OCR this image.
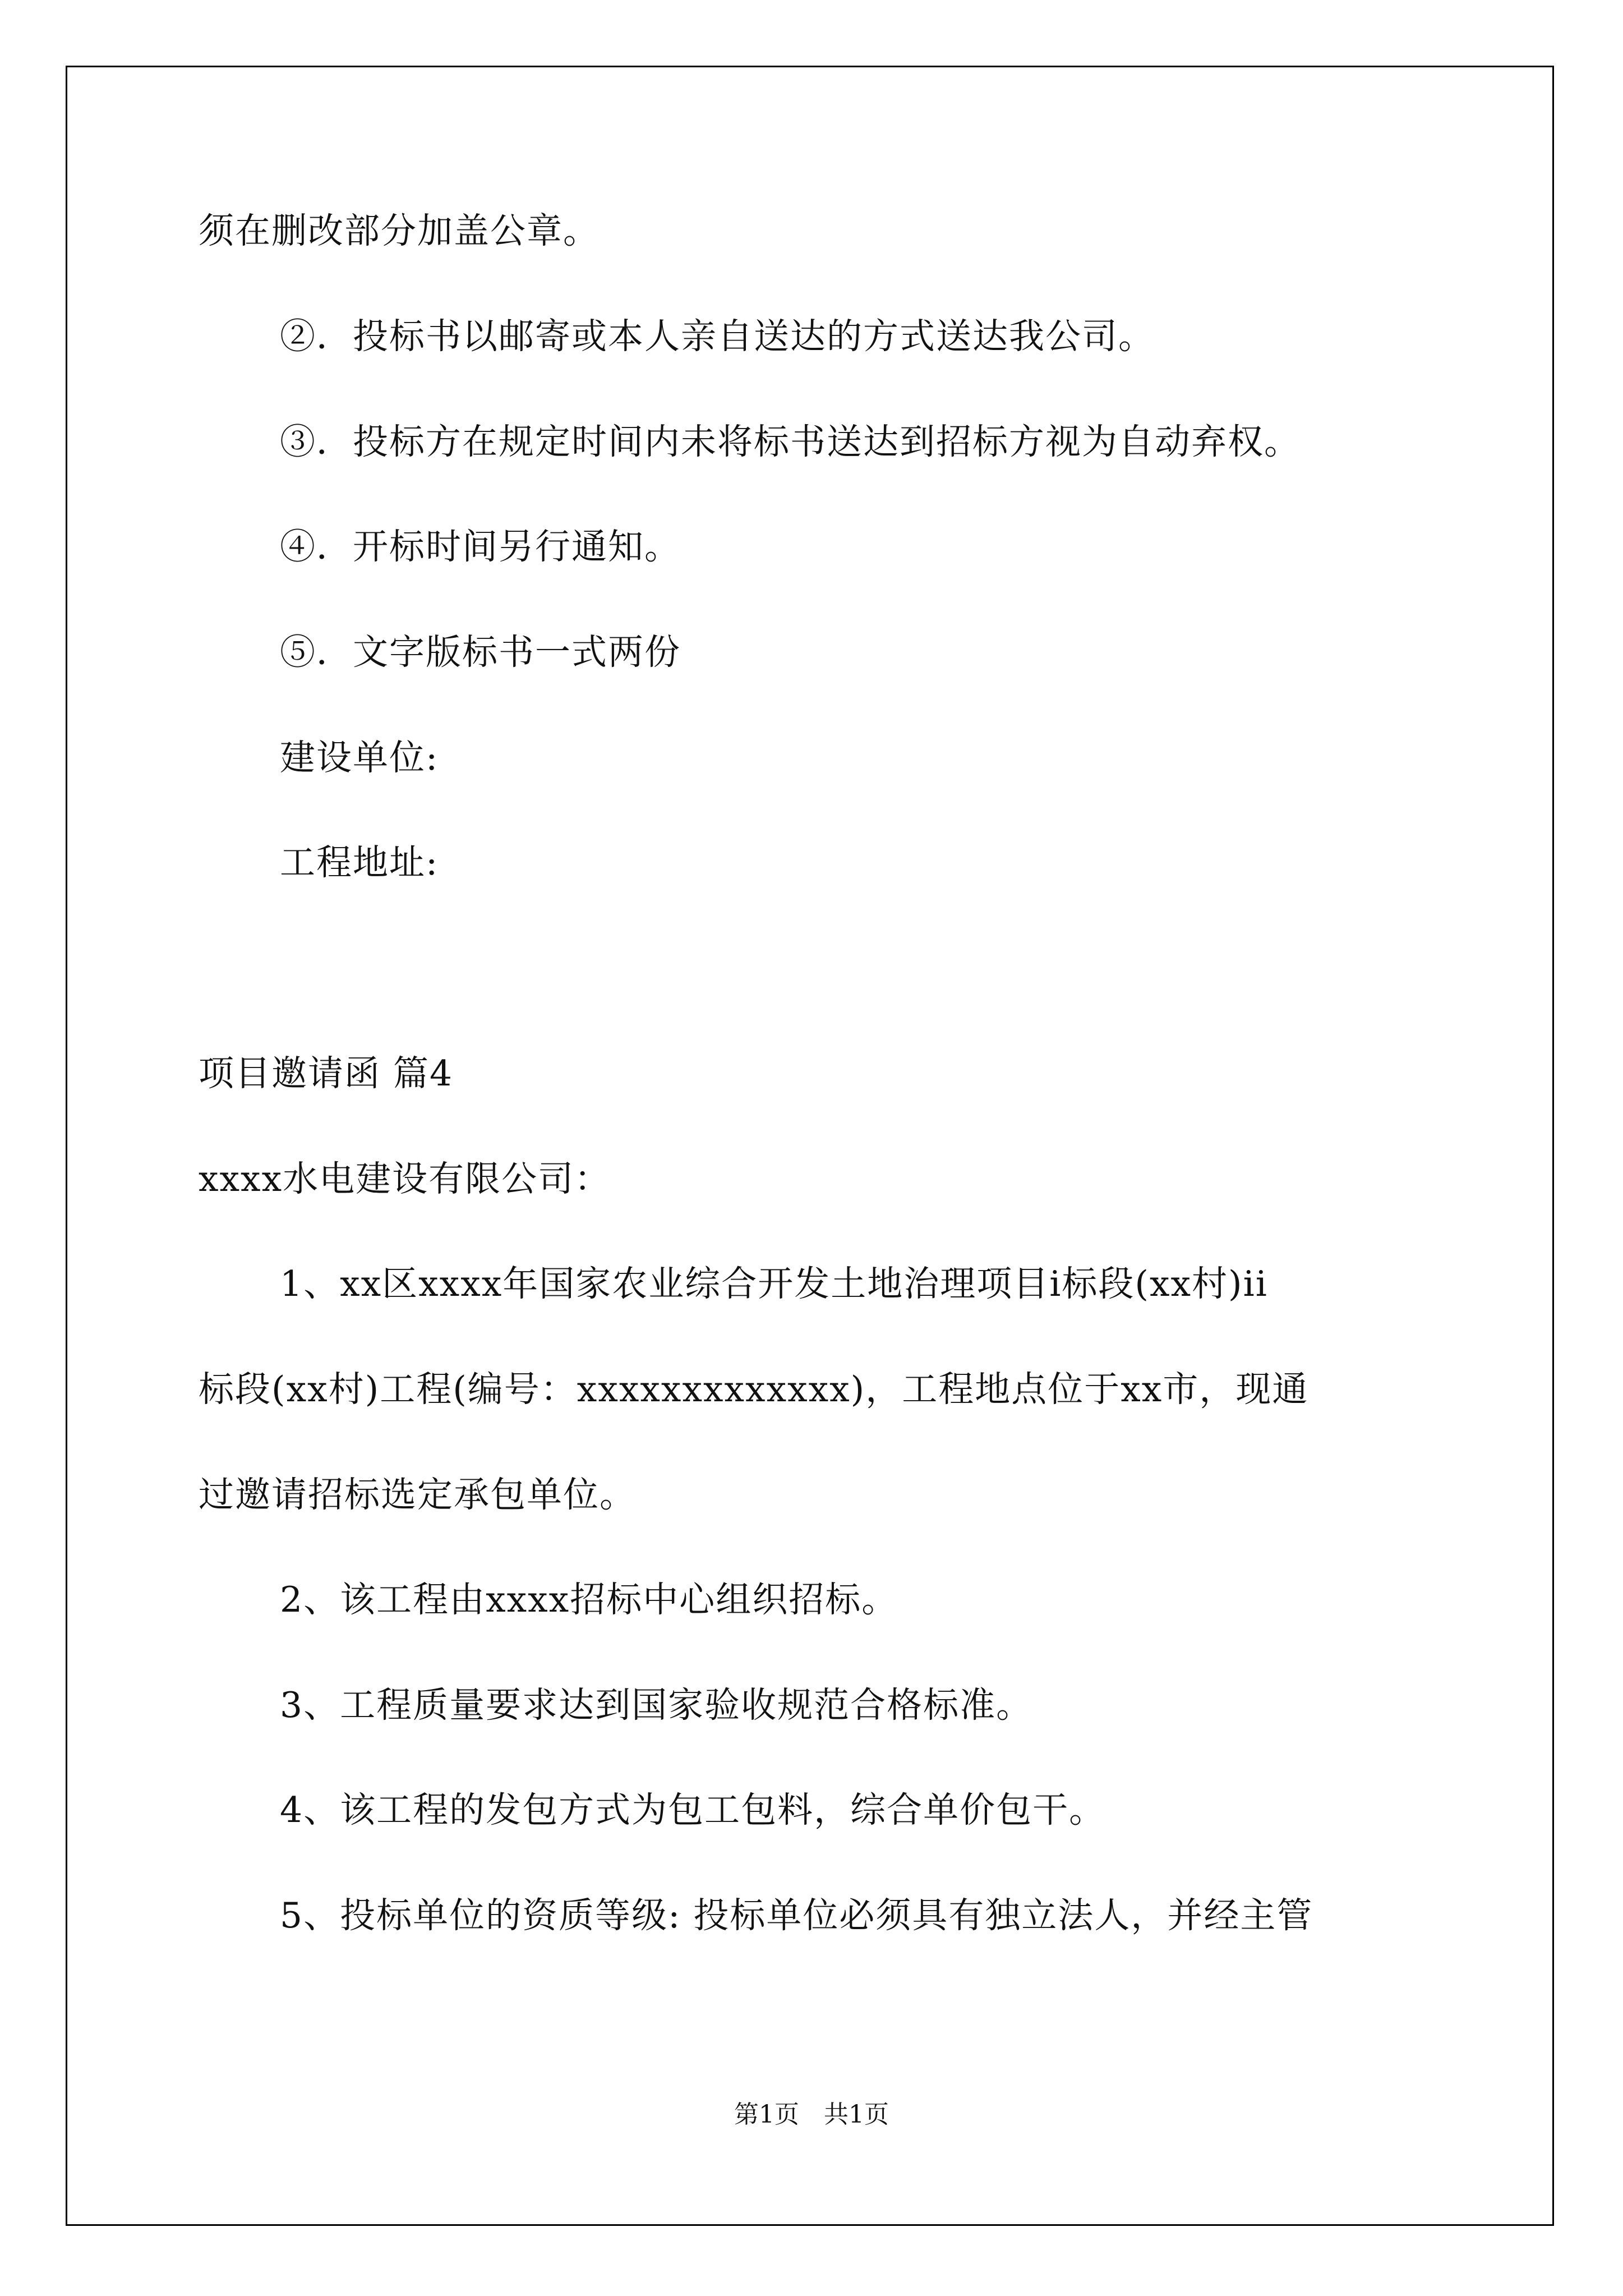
须在删改部分加盖公章。

②．投标书以邮寄或本人亲自送达的方式送达我公司。

③．投标方在规定时间内未将标书送达到招标方视为自动弃权。

④．开标时间另行通知。

⑤．文字版标书一式两份

建设单位:

工程地址:

项目邀请函 篇4

xxxx水电建设有限公司：

1、xx区xxxx年国家农业综合开发土地治理项目i标段(xx村)ii

标段(xx村)工程(编号：xxxxxxxxxxxxx)，工程地点位于xx市，现通

过邀请招标选定承包单位。

2、该工程由xxxx招标中心组织招标。

3、工程质量要求达到国家验收规范合格标准。

4、该工程的发包方式为包工包料，综合单价包干。

5、投标单位的资质等级: 投标单位必须具有独立法人，并经主管

第1页　共1页
